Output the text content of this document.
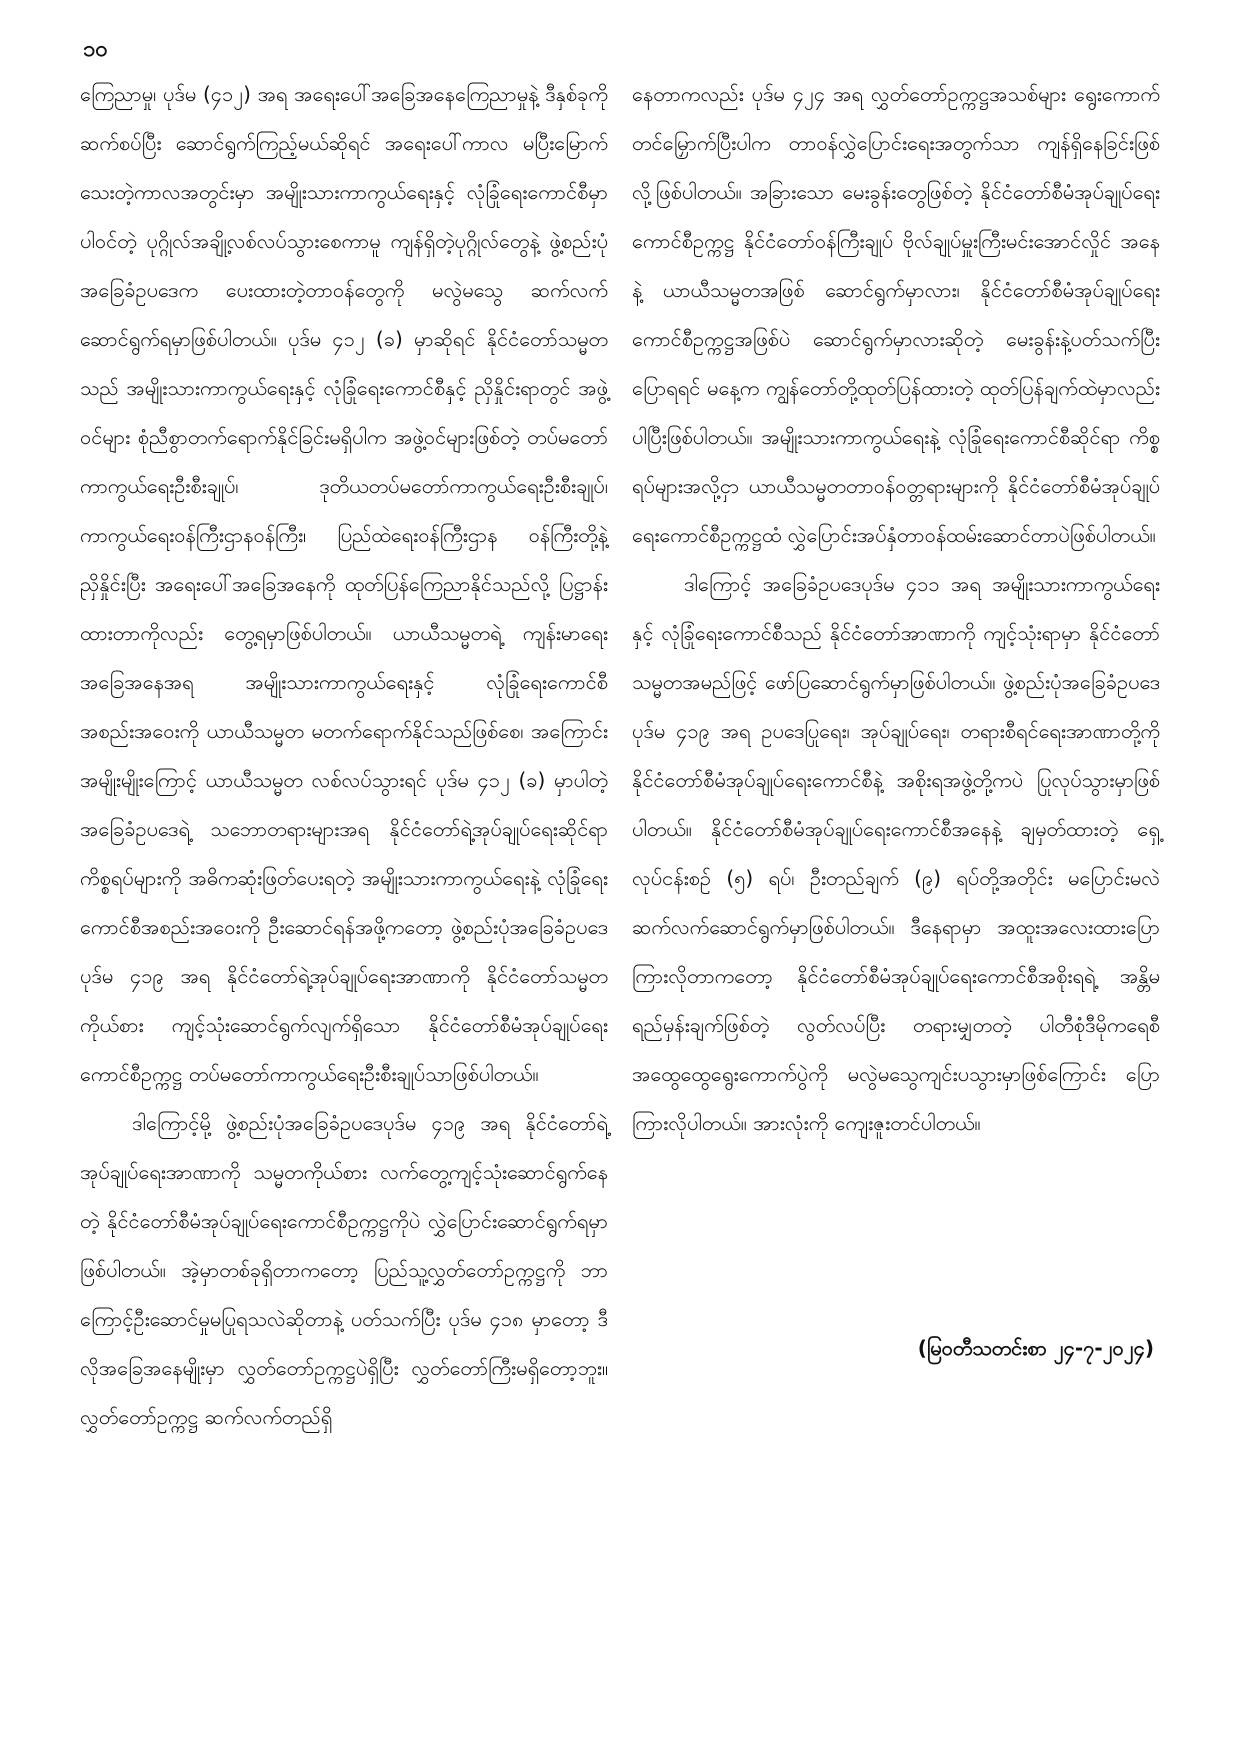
၁၀

ကြေညာမှု၊ ပုဒ်မ (၄၁၂) အရ အရေးပေါ်အခြေအနေကြေညာမှုနဲ့ ဒီနှစ်ခုကိုဆက်စပ်ပြီး ဆောင်ရွက်ကြည့်မယ်ဆိုရင် အရေးပေါ်ကာလ မပြီးမြောက်သေးတဲ့ကာလအတွင်းမှာ အမျိုးသားကာကွယ်ရေးနှင့် လုံခြုံရေးကောင်စီမှာ ပါဝင်တဲ့ ပုဂ္ဂိုလ်အချို့လစ်လပ်သွားစေကာမူ ကျန်ရှိတဲ့ပုဂ္ဂိုလ်တွေနဲ့ ဖွဲ့စည်းပုံအခြေခံဥပဒေက ပေးထားတဲ့တာဝန်တွေကို မလွဲမသွေ ဆက်လက်ဆောင်ရွက်ရမှာဖြစ်ပါတယ်။ ပုဒ်မ ၄၁၂ (ခ) မှာဆိုရင် နိုင်ငံတော်သမ္မတသည် အမျိုးသားကာကွယ်ရေးနှင့် လုံခြုံရေးကောင်စီနှင့် ညှိနှိုင်းရာတွင် အဖွဲ့ဝင်များ စုံညီစွာတက်ရောက်နိုင်ခြင်းမရှိပါက အဖွဲ့ဝင်များဖြစ်တဲ့ တပ်မတော်ကာကွယ်ရေးဦးစီးချုပ်၊ ဒုတိယတပ်မတော်ကာကွယ်ရေးဦးစီးချုပ်၊ ကာကွယ်ရေးဝန်ကြီးဌာနဝန်ကြီး၊ ပြည်ထဲရေးဝန်ကြီးဌာန ဝန်ကြီးတို့နဲ့ ညှိနှိုင်းပြီး အရေးပေါ်အခြေအနေကို ထုတ်ပြန်ကြေညာနိုင်သည်လို့ ပြဋ္ဌာန်းထားတာကိုလည်း တွေ့ရမှာဖြစ်ပါတယ်။ ယာယီသမ္မတရဲ့ ကျန်းမာရေးအခြေအနေအရ အမျိုးသားကာကွယ်ရေးနှင့် လုံခြုံရေးကောင်စီအစည်းအဝေးကို ယာယီသမ္မတ မတက်ရောက်နိုင်သည်ဖြစ်စေ၊ အကြောင်းအမျိုးမျိုးကြောင့် ယာယီသမ္မတ လစ်လပ်သွားရင် ပုဒ်မ ၄၁၂ (ခ) မှာပါတဲ့ အခြေခံဥပဒေရဲ့ သဘောတရားများအရ နိုင်ငံတော်ရဲ့အုပ်ချုပ်ရေးဆိုင်ရာကိစ္စရပ်များကို အဓိကဆုံးဖြတ်ပေးရတဲ့ အမျိုးသားကာကွယ်ရေးနဲ့ လုံခြုံရေးကောင်စီအစည်းအဝေးကို ဦးဆောင်ရန်အဖို့ကတော့ ဖွဲ့စည်းပုံအခြေခံဥပဒေပုဒ်မ ၄၁၉ အရ နိုင်ငံတော်ရဲ့အုပ်ချုပ်ရေးအာဏာကို နိုင်ငံတော်သမ္မတ ကိုယ်စား ကျင့်သုံးဆောင်ရွက်လျက်ရှိသော နိုင်ငံတော်စီမံအုပ်ချုပ်ရေးကောင်စီဥက္ကဋ္ဌ တပ်မတော်ကာကွယ်ရေးဦးစီးချုပ်သာဖြစ်ပါတယ်။

ဒါကြောင့်မို့ ဖွဲ့စည်းပုံအခြေခံဥပဒေပုဒ်မ ၄၁၉ အရ နိုင်ငံတော်ရဲ့အုပ်ချုပ်ရေးအာဏာကို သမ္မတကိုယ်စား လက်တွေ့ကျင့်သုံးဆောင်ရွက်နေတဲ့ နိုင်ငံတော်စီမံအုပ်ချုပ်ရေးကောင်စီဥက္ကဋ္ဌကိုပဲ လွှဲပြောင်းဆောင်ရွက်ရမှာဖြစ်ပါတယ်။ အဲ့မှာတစ်ခုရှိတာကတော့ ပြည်သူ့လွှတ်တော်ဥက္ကဋ္ဌကို ဘာကြောင့်ဦးဆောင်မှုမပြုရသလဲဆိုတာနဲ့ ပတ်သက်ပြီး ပုဒ်မ ၄၁၈ မှာတော့ ဒီလိုအခြေအနေမျိုးမှာ လွှတ်တော်ဥက္ကဋ္ဌပဲရှိပြီး လွှတ်တော်ကြီးမရှိတော့ဘူး။ လွှတ်တော်ဥက္ကဋ္ဌ ဆက်လက်တည်ရှိ

နေတာကလည်း ပုဒ်မ ၄၂၄ အရ လွှတ်တော်ဥက္ကဋ္ဌအသစ်များ ရွေးကောက်တင်မြှောက်ပြီးပါက တာဝန်လွှဲပြောင်းရေးအတွက်သာ ကျန်ရှိနေခြင်းဖြစ်လို့ဖြစ်ပါတယ်။ အခြားသော မေးခွန်းတွေဖြစ်တဲ့ နိုင်ငံတော်စီမံအုပ်ချုပ်ရေးကောင်စီဥက္ကဋ္ဌ နိုင်ငံတော်ဝန်ကြီးချုပ် ဗိုလ်ချုပ်မှူးကြီးမင်းအောင်လှိုင် အနေနဲ့ ယာယီသမ္မတအဖြစ် ဆောင်ရွက်မှာလား၊ နိုင်ငံတော်စီမံအုပ်ချုပ်ရေးကောင်စီဥက္ကဋ္ဌအဖြစ်ပဲ ဆောင်ရွက်မှာလားဆိုတဲ့ မေးခွန်းနဲ့ပတ်သက်ပြီးပြောရရင် မနေ့က ကျွန်တော်တို့ထုတ်ပြန်ထားတဲ့ ထုတ်ပြန်ချက်ထဲမှာလည်း ပါပြီးဖြစ်ပါတယ်။ အမျိုးသားကာကွယ်ရေးနဲ့ လုံခြုံရေးကောင်စီဆိုင်ရာ ကိစ္စရပ်များအလို့ငှာ ယာယီသမ္မတတာဝန်ဝတ္တရားများကို နိုင်ငံတော်စီမံအုပ်ချုပ်ရေးကောင်စီဥက္ကဋ္ဌထံ လွှဲပြောင်းအပ်နှံတာဝန်ထမ်းဆောင်တာပဲဖြစ်ပါတယ်။

ဒါကြောင့် အခြေခံဥပဒေပုဒ်မ ၄၁၁ အရ အမျိုးသားကာကွယ်ရေးနှင့် လုံခြုံရေးကောင်စီသည် နိုင်ငံတော်အာဏာကို ကျင့်သုံးရာမှာ နိုင်ငံတော်သမ္မတအမည်ဖြင့် ဖော်ပြဆောင်ရွက်မှာဖြစ်ပါတယ်။ ဖွဲ့စည်းပုံအခြေခံဥပဒေပုဒ်မ ၄၁၉ အရ ဥပဒေပြုရေး၊ အုပ်ချုပ်ရေး၊ တရားစီရင်ရေးအာဏာတို့ကို နိုင်ငံတော်စီမံအုပ်ချုပ်ရေးကောင်စီနဲ့ အစိုးရအဖွဲ့တို့ကပဲ ပြုလုပ်သွားမှာဖြစ်ပါတယ်။ နိုင်ငံတော်စီမံအုပ်ချုပ်ရေးကောင်စီအနေနဲ့ ချမှတ်ထားတဲ့ ရှေ့လုပ်ငန်းစဉ် (၅) ရပ်၊ ဦးတည်ချက် (၉) ရပ်တို့အတိုင်း မပြောင်းမလဲ ဆက်လက်ဆောင်ရွက်မှာဖြစ်ပါတယ်။ ဒီနေရာမှာ အထူးအလေးထားပြောကြားလိုတာကတော့ နိုင်ငံတော်စီမံအုပ်ချုပ်ရေးကောင်စီအစိုးရရဲ့ အန္တိမရည်မှန်းချက်ဖြစ်တဲ့ လွတ်လပ်ပြီး တရားမျှတတဲ့ ပါတီစုံဒီမိုကရေစီအထွေထွေရွေးကောက်ပွဲကို မလွဲမသွေကျင်းပသွားမှာဖြစ်ကြောင်း ပြောကြားလိုပါတယ်။ အားလုံးကို ကျေးဇူးတင်ပါတယ်။

(မြဝတီသတင်းစာ ၂၄-၇-၂၀၂၄)
